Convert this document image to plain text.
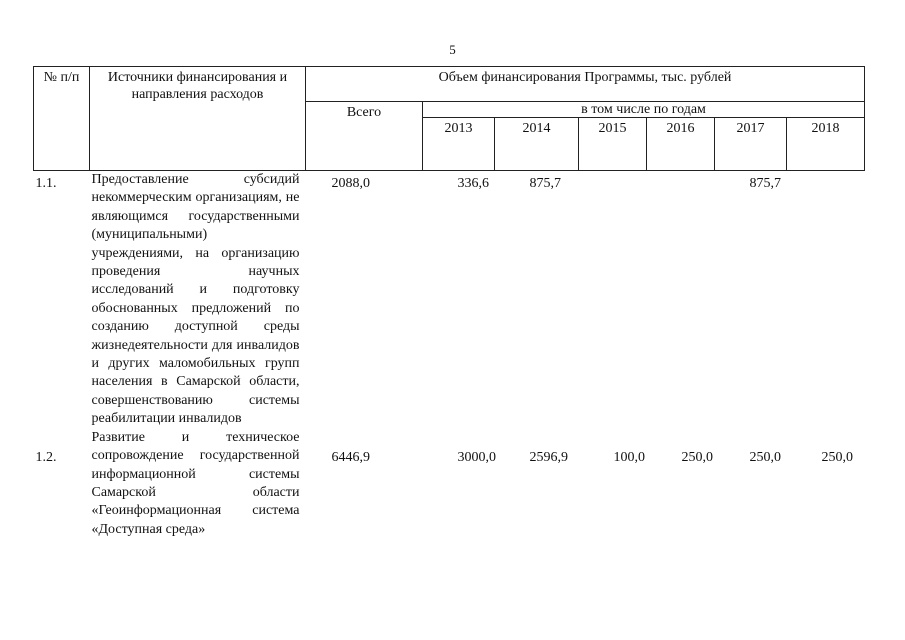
5
№ п/п	Источники финансирования и направления расходов	Объем финансирования Программы, тыс. рублей						
		Всего	в том числе по годам					
			2013	2014	2015	2016	2017	2018
1.1.	Предоставление субсидий некоммерческим организациям, не являющимся государственными (муниципальными) учреждениями, на организацию проведения научных исследований и подготовку обоснованных предложений по созданию доступной среды жизнедеятельности для инвалидов и других маломобильных групп населения в Самарской области, совершенствованию системы реабилитации инвалидов	2088,0	336,6	875,7			875,7	
1.2.	Развитие и техническое сопровождение государственной информационной системы Самарской области «Геоинформационная система «Доступная среда»	6446,9	3000,0	2596,9	100,0	250,0	250,0	250,0
